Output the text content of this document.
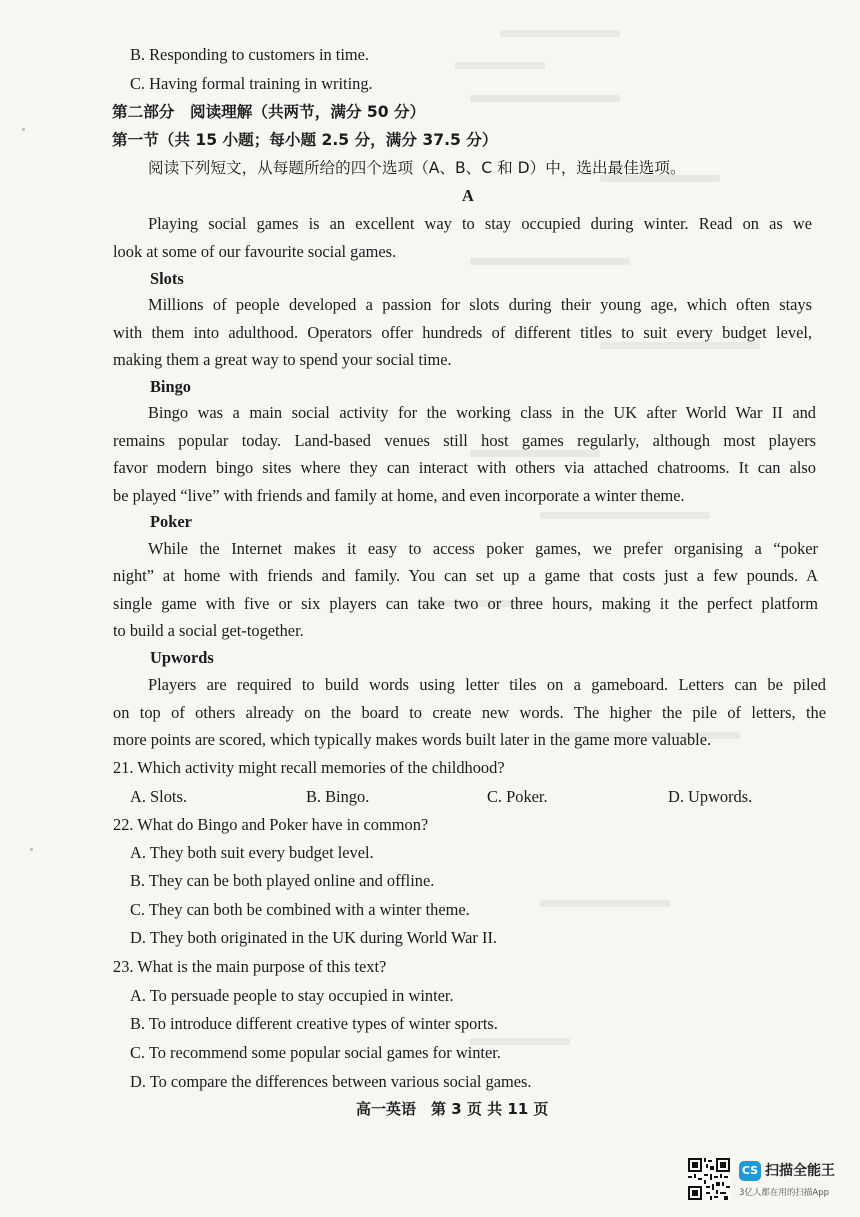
B. Responding to customers in time.
C. Having formal training in writing.
第二部分　阅读理解（共两节，满分 50 分）
第一节（共 15 小题；每小题 2.5 分，满分 37.5 分）
阅读下列短文，从每题所给的四个选项（A、B、C 和 D）中，选出最佳选项。
A
Playing social games is an excellent way to stay occupied during winter. Read on as we
look at some of our favourite social games.
Slots
Millions of people developed a passion for slots during their young age, which often stays
with them into adulthood. Operators offer hundreds of different titles to suit every budget level,
making them a great way to spend your social time.
Bingo
Bingo was a main social activity for the working class in the UK after World War II and
remains popular today. Land-based venues still host games regularly, although most players
favor modern bingo sites where they can interact with others via attached chatrooms. It can also
be played “live” with friends and family at home, and even incorporate a winter theme.
Poker
While the Internet makes it easy to access poker games, we prefer organising a “poker
night” at home with friends and family. You can set up a game that costs just a few pounds. A
single game with five or six players can take two or three hours, making it the perfect platform
to build a social get-together.
Upwords
Players are required to build words using letter tiles on a gameboard. Letters can be piled
on top of others already on the board to create new words. The higher the pile of letters, the
more points are scored, which typically makes words built later in the game more valuable.
21. Which activity might recall memories of the childhood?
A. Slots.	B. Bingo.	C. Poker.	D. Upwords.
22. What do Bingo and Poker have in common?
A. They both suit every budget level.
B. They can be both played online and offline.
C. They can both be combined with a winter theme.
D. They both originated in the UK during World War II.
23. What is the main purpose of this text?
A. To persuade people to stay occupied in winter.
B. To introduce different creative types of winter sports.
C. To recommend some popular social games for winter.
D. To compare the differences between various social games.
高一英语　第 3 页 共 11 页
CS 扫描全能王
3亿人都在用的扫描App
